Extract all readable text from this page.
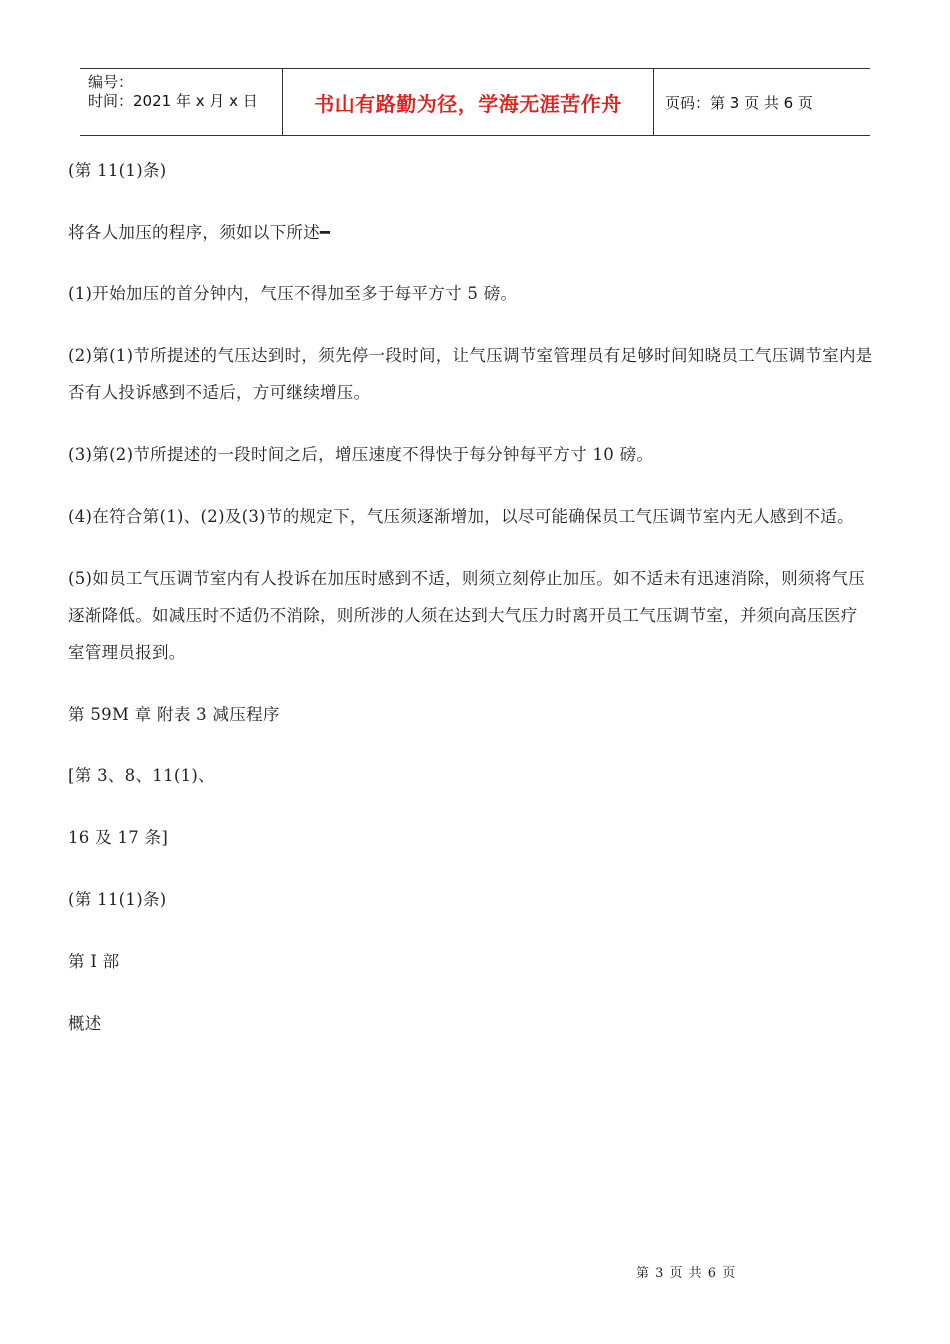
编号：
时间：2021 年 x 月 x 日	书山有路勤为径，学海无涯苦作舟	页码：第 3 页 共 6 页

(第 11(1)条)

将各人加压的程序，须如以下所述━

(1)开始加压的首分钟内，气压不得加至多于每平方寸 5 磅。

(2)第(1)节所提述的气压达到时，须先停一段时间，让气压调节室管理员有足够时间知晓员工气压调节室内是否有人投诉感到不适后，方可继续增压。

(3)第(2)节所提述的一段时间之后，增压速度不得快于每分钟每平方寸 10 磅。

(4)在符合第(1)、(2)及(3)节的规定下，气压须逐渐增加，以尽可能确保员工气压调节室内无人感到不适。

(5)如员工气压调节室内有人投诉在加压时感到不适，则须立刻停止加压。如不适未有迅速消除，则须将气压逐渐降低。如减压时不适仍不消除，则所涉的人须在达到大气压力时离开员工气压调节室，并须向高压医疗室管理员报到。

第 59M 章 附表 3 减压程序

[第 3、8、11(1)、

16 及 17 条]

(第 11(1)条)

第 I 部

概述

第 3 页 共 6 页
